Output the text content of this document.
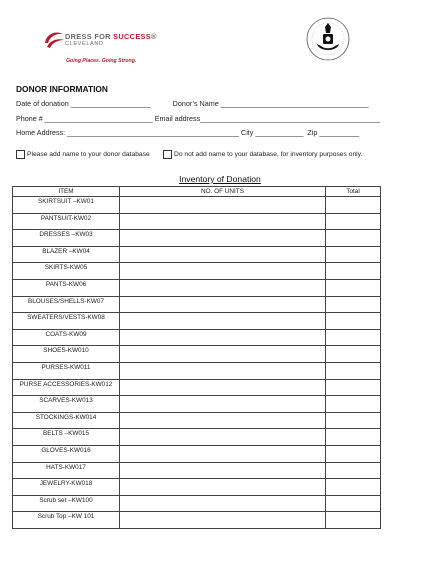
DRESS FOR SUCCESS®
CLEVELAND
Going Places. Going Strong.
DONOR INFORMATION
Date of donation ____________________           Donor’s Name _____________________________________
Phone # ___________________________ Email address_____________________________________________
Home Address: ___________________________________________ City ____________  Zip __________
Please add name to your donor database	Do not add name to your database, for inventory purposes only.
Inventory of Donation
ITEM	NO. OF UNITS	Total
SKIRTSUIT –KW01		
PANTSUIT-KW02		
DRESSES –KW03		
BLAZER –KW04		
SKIRTS-KW05		
PANTS-KW06		
BLOUSES/SHELLS-KW07		
SWEATERS/VESTS-KW08		
COATS-KW09		
SHOES-KW010		
PURSES-KW011		
PURSE ACCESSORIES-KW012		
SCARVES-KW013		
STOCKINGS-KW014		
BELTS –KW015		
GLOVES-KW016		
HATS-KW017		
JEWELRY-KW018		
Scrub set –KW100		
Scrub Top –KW 101		
